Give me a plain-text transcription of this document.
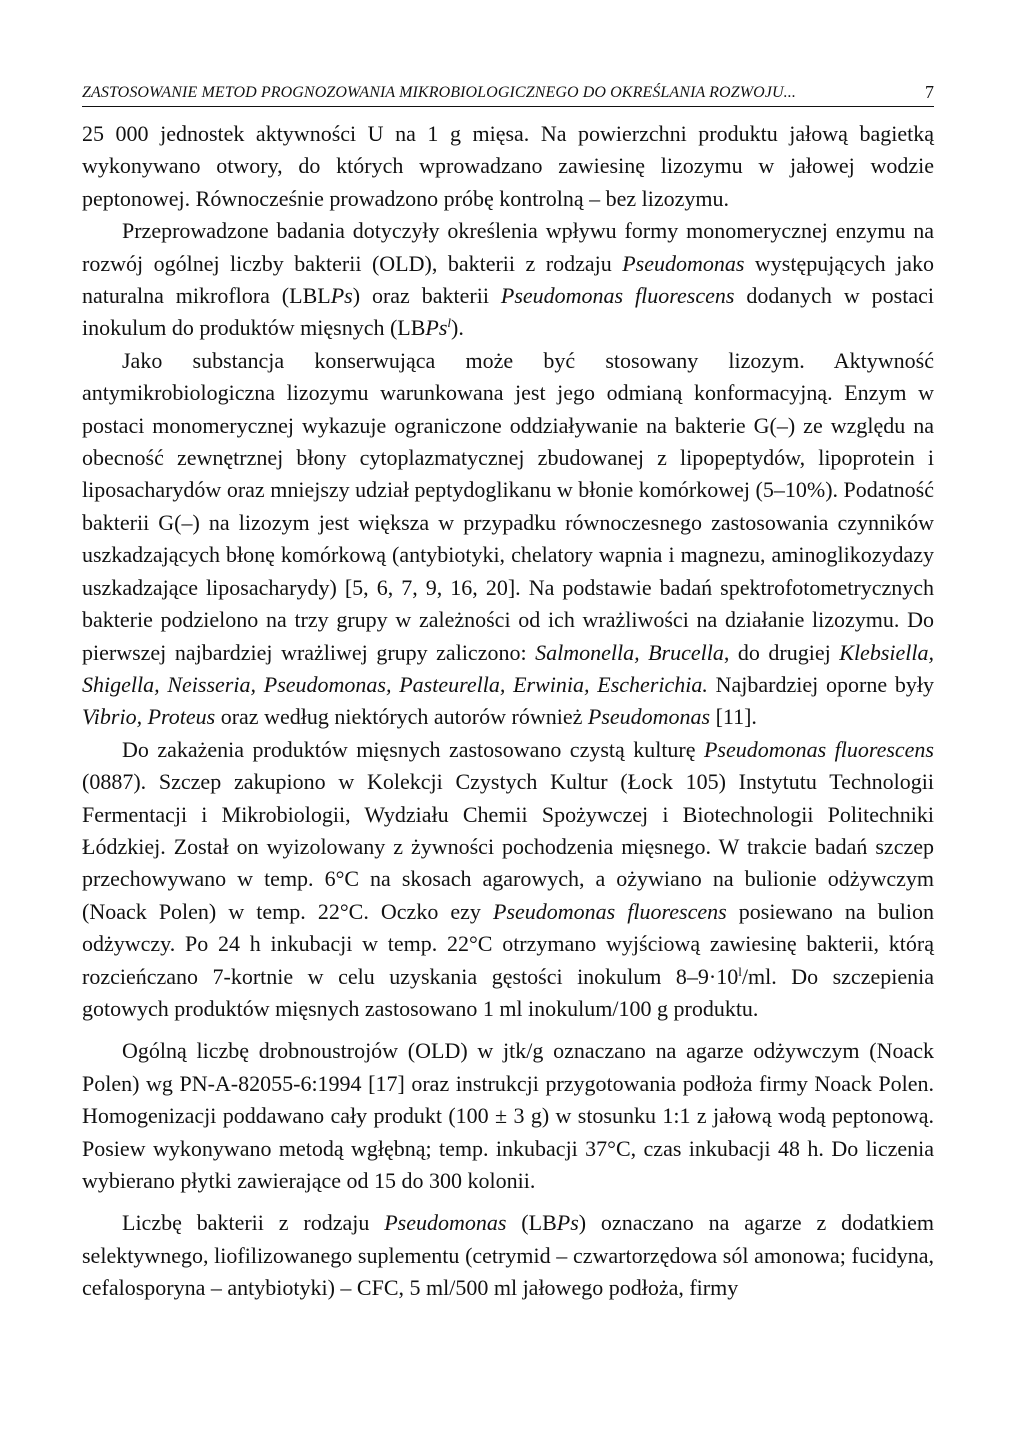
ZASTOSOWANIE METOD PROGNOZOWANIA MIKROBIOLOGICZNEGO DO OKREŚLANIA ROZWOJU...	7

25 000 jednostek aktywności U na 1 g mięsa. Na powierzchni produktu jałową bagietką wykonywano otwory, do których wprowadzano zawiesinę lizozymu w jałowej wodzie peptonowej. Równocześnie prowadzono próbę kontrolną – bez lizozymu.

Przeprowadzone badania dotyczyły określenia wpływu formy monomerycznej enzymu na rozwój ogólnej liczby bakterii (OLD), bakterii z rodzaju Pseudomonas występujących jako naturalna mikroflora (LBLPs) oraz bakterii Pseudomonas fluorescens dodanych w postaci inokulum do produktów mięsnych (LBPs$^l$).

Jako substancja konserwująca może być stosowany lizozym. Aktywność antymikrobiologiczna lizozymu warunkowana jest jego odmianą konformacyjną. Enzym w postaci monomerycznej wykazuje ograniczone oddziaływanie na bakterie G(–) ze względu na obecność zewnętrznej błony cytoplazmatycznej zbudowanej z lipopeptydów, lipoprotein i liposacharydów oraz mniejszy udział peptydoglikanu w błonie komórkowej (5–10%). Podatność bakterii G(–) na lizozym jest większa w przypadku równoczesnego zastosowania czynników uszkadzających błonę komórkową (antybiotyki, chelatory wapnia i magnezu, aminoglikozydazy uszkadzające liposacharydy) [5, 6, 7, 9, 16, 20]. Na podstawie badań spektrofotometrycznych bakterie podzielono na trzy grupy w zależności od ich wrażliwości na działanie lizozymu. Do pierwszej najbardziej wrażliwej grupy zaliczono: Salmonella, Brucella, do drugiej Klebsiella, Shigella, Neisseria, Pseudomonas, Pasteurella, Erwinia, Escherichia. Najbardziej oporne były Vibrio, Proteus oraz według niektórych autorów również Pseudomonas [11].

Do zakażenia produktów mięsnych zastosowano czystą kulturę Pseudomonas fluorescens (0887). Szczep zakupiono w Kolekcji Czystych Kultur (Łock 105) Instytutu Technologii Fermentacji i Mikrobiologii, Wydziału Chemii Spożywczej i Biotechnologii Politechniki Łódzkiej. Został on wyizolowany z żywności pochodzenia mięsnego. W trakcie badań szczep przechowywano w temp. 6°C na skosach agarowych, a ożywiano na bulionie odżywczym (Noack Polen) w temp. 22°C. Oczko ezy Pseudomonas fluorescens posiewano na bulion odżywczy. Po 24 h inkubacji w temp. 22°C otrzymano wyjściową zawiesinę bakterii, którą rozcieńczano 7-kortnie w celu uzyskania gęstości inokulum $8-9\cdot 10^l/ml$. Do szczepienia gotowych produktów mięsnych zastosowano 1 ml inokulum/100 g produktu.

Ogólną liczbę drobnoustrojów (OLD) w jtk/g oznaczano na agarze odżywczym (Noack Polen) wg PN-A-82055-6:1994 [17] oraz instrukcji przygotowania podłoża firmy Noack Polen. Homogenizacji poddawano cały produkt (100 ± 3 g) w stosunku 1:1 z jałową wodą peptonową. Posiew wykonywano metodą wgłębną; temp. inkubacji 37°C, czas inkubacji 48 h. Do liczenia wybierano płytki zawierające od 15 do 300 kolonii.

Liczbę bakterii z rodzaju Pseudomonas (LBPs) oznaczano na agarze z dodatkiem selektywnego, liofilizowanego suplementu (cetrymid – czwartorzędowa sól amonowa; fucidyna, cefalosporyna – antybiotyki) – CFC, 5 ml/500 ml jałowego podłoża, firmy
